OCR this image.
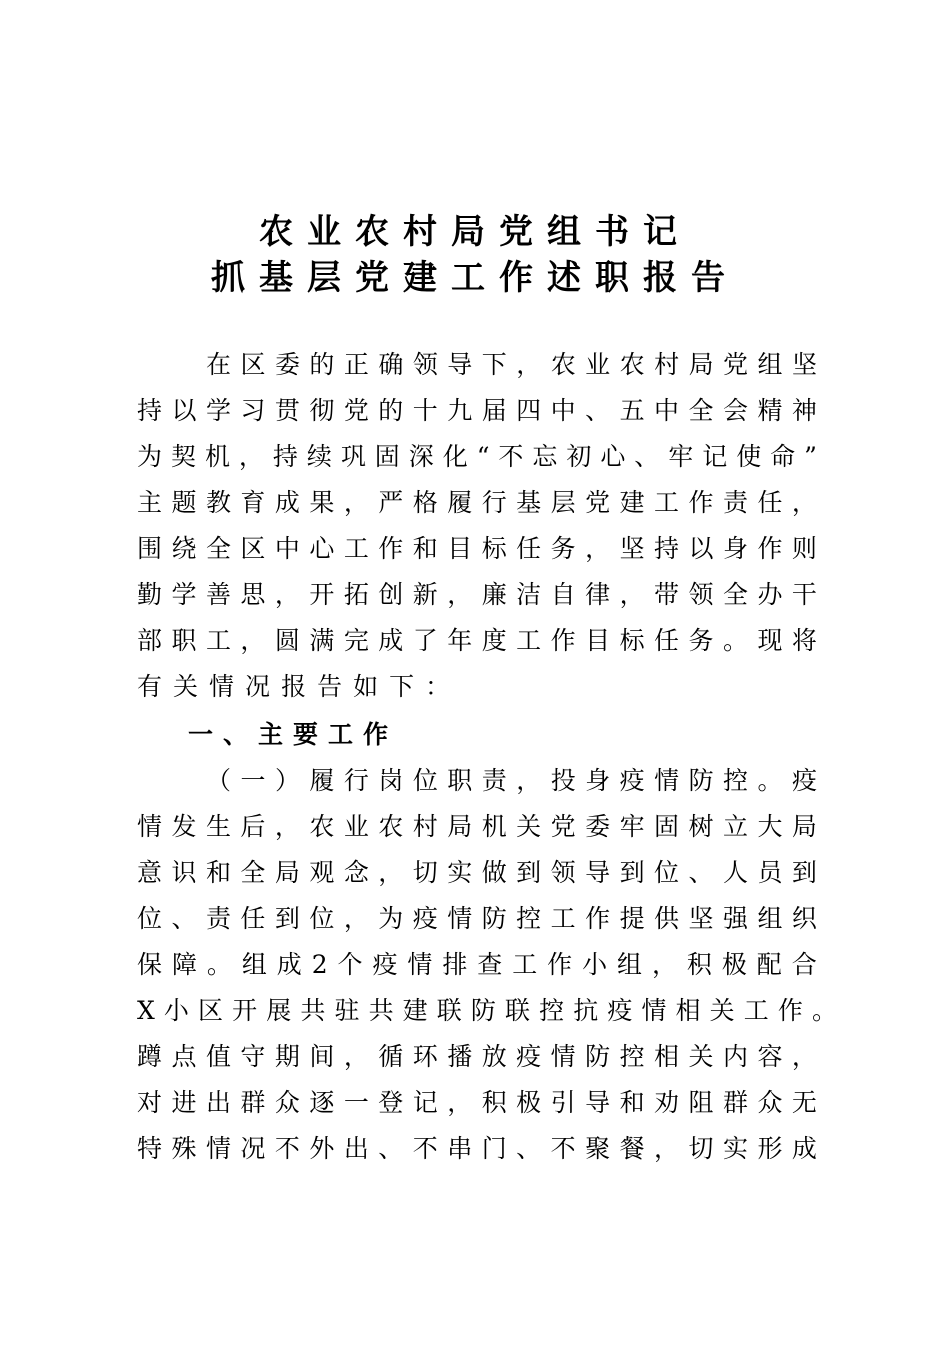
农业农村局党组书记
抓基层党建工作述职报告
在 区 委 的 正 确 领 导 下 ， 农 业 农 村 局 党 组 坚
持 以 学 习 贯 彻 党 的 十 九 届 四 中 、 五 中 全 会 精 神
为 契 机 ， 持 续 巩 固 深 化 “ 不 忘 初 心 、 牢 记 使 命 ”
主 题 教 育 成 果 ， 严 格 履 行 基 层 党 建 工 作 责 任 ，
围 绕 全 区 中 心 工 作 和 目 标 任 务 ， 坚 持 以 身 作 则
勤 学 善 思 ， 开 拓 创 新 ， 廉 洁 自 律 ， 带 领 全 办 干
部 职 工 ， 圆 满 完 成 了 年 度 工 作 目 标 任 务 。 现 将
有 关 情 况 报 告 如 下 ：
一、主要工作
（ 一 ） 履 行 岗 位 职 责 ， 投 身 疫 情 防 控 。 疫
情 发 生 后 ， 农 业 农 村 局 机 关 党 委 牢 固 树 立 大 局
意 识 和 全 局 观 念 ， 切 实 做 到 领 导 到 位 、 人 员 到
位 、 责 任 到 位 ， 为 疫 情 防 控 工 作 提 供 坚 强 组 织
保 障 。 组 成 2 个 疫 情 排 查 工 作 小 组 ， 积 极 配 合
X 小 区 开 展 共 驻 共 建 联 防 联 控 抗 疫 情 相 关 工 作 。
蹲 点 值 守 期 间 ， 循 环 播 放 疫 情 防 控 相 关 内 容 ，
对 进 出 群 众 逐 一 登 记 ， 积 极 引 导 和 劝 阻 群 众 无
特 殊 情 况 不 外 出 、 不 串 门 、 不 聚 餐 ， 切 实 形 成
